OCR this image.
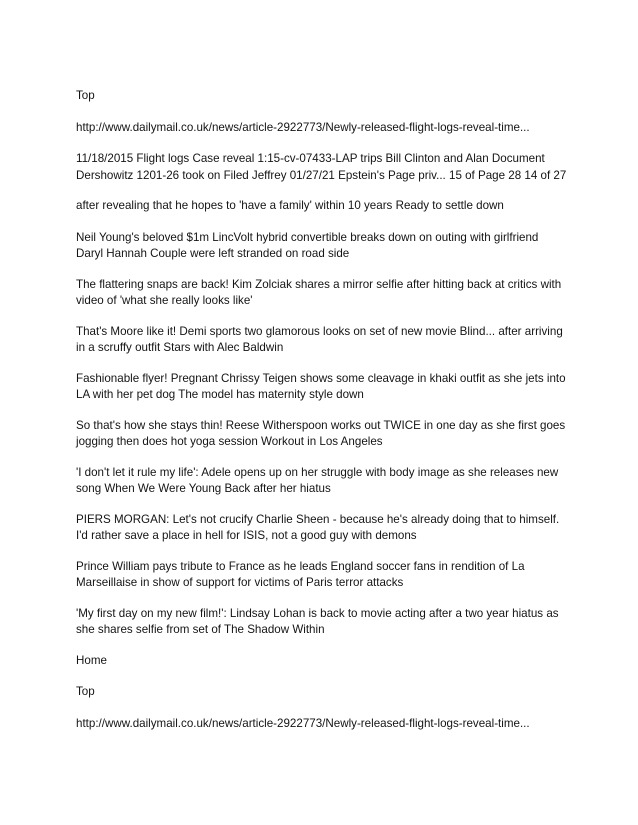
Top

http://www.dailymail.co.uk/news/article-2922773/Newly-released-flight-logs-reveal-time...

11/18/2015 Flight logs Case reveal 1:15-cv-07433-LAP trips Bill Clinton and Alan Document Dershowitz 1201-26 took on Filed Jeffrey 01/27/21 Epstein's Page priv... 15 of Page 28 14 of 27

after revealing that he hopes to 'have a family' within 10 years Ready to settle down

Neil Young's beloved $1m LincVolt hybrid convertible breaks down on outing with girlfriend Daryl Hannah Couple were left stranded on road side

The flattering snaps are back! Kim Zolciak shares a mirror selfie after hitting back at critics with video of 'what she really looks like'

That's Moore like it! Demi sports two glamorous looks on set of new movie Blind... after arriving in a scruffy outfit Stars with Alec Baldwin

Fashionable flyer! Pregnant Chrissy Teigen shows some cleavage in khaki outfit as she jets into LA with her pet dog The model has maternity style down

So that's how she stays thin! Reese Witherspoon works out TWICE in one day as she first goes jogging then does hot yoga session Workout in Los Angeles

'I don't let it rule my life': Adele opens up on her struggle with body image as she releases new song When We Were Young Back after her hiatus

PIERS MORGAN: Let's not crucify Charlie Sheen - because he's already doing that to himself. I'd rather save a place in hell for ISIS, not a good guy with demons

Prince William pays tribute to France as he leads England soccer fans in rendition of La Marseillaise in show of support for victims of Paris terror attacks

'My first day on my new film!': Lindsay Lohan is back to movie acting after a two year hiatus as she shares selfie from set of The Shadow Within

Home

Top

http://www.dailymail.co.uk/news/article-2922773/Newly-released-flight-logs-reveal-time...
